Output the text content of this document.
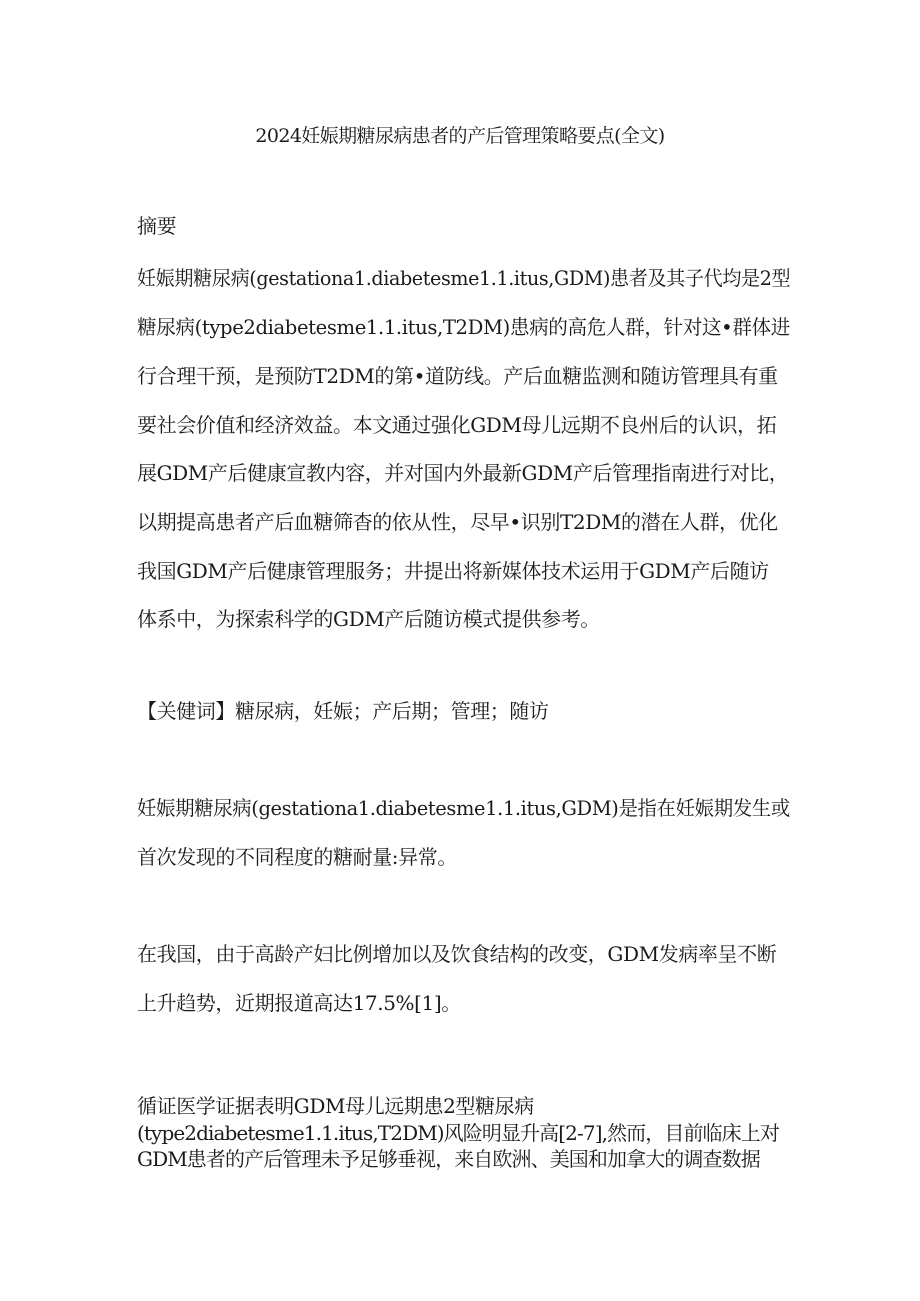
2024妊娠期糖尿病患者的产后管理策略要点(全文)
摘要
妊娠期糖尿病(gestationa1.diabetesme1.1.itus,GDM)患者及其子代均是2型
糖尿病(type2diabetesme1.1.itus,T2DM)患病的高危人群，针对这•群体进
行合理干预，是预防T2DM的第•道防线。产后血糖监测和随访管理具有重
要社会价值和经济效益。本文通过强化GDM母儿远期不良州后的认识，拓
展GDM产后健康宣教内容，并对国内外最新GDM产后管理指南进行对比，
以期提高患者产后血糖筛杳的依从性，尽早•识别T2DM的潜在人群，优化
我国GDM产后健康管理服务；井提出将新媒体技术运用于GDM产后随访
体系中，为探索科学的GDM产后随访模式提供参考。
【关健词】糖尿病，妊娠；产后期；管理；随访
妊娠期糖尿病(gestationa1.diabetesme1.1.itus,GDM)是指在妊娠期发生或
首次发现的不同程度的糖耐量:异常。
在我国，由于高龄产妇比例增加以及饮食结构的改变，GDM发病率呈不断
上升趋势，近期报道高达17.5%[1]。
循证医学证据表明GDM母儿远期患2型糖尿病
(type2diabetesme1.1.itus,T2DM)风险明显升高[2-7],然而，目前临床上对
GDM患者的产后管理未予足够垂视，来自欧洲、美国和加拿大的调查数据
